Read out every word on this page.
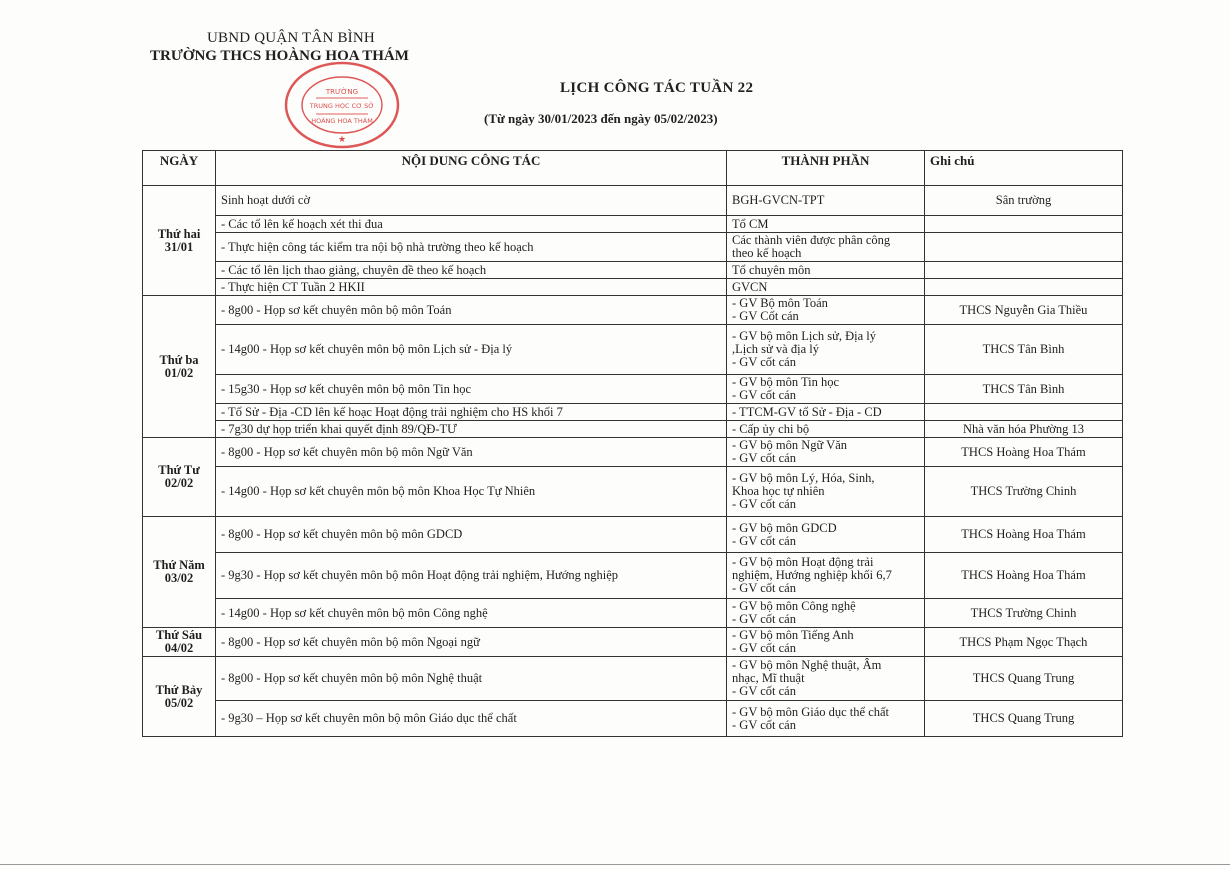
UBND QUẬN TÂN BÌNH
TRƯỜNG THCS HOÀNG HOA THÁM
TRƯỜNG
TRUNG HỌC CƠ SỞ
HOÀNG HOA THÁM
★
LỊCH CÔNG TÁC TUẦN 22
(Từ ngày 30/01/2023 đến ngày 05/02/2023)
NGÀY	NỘI DUNG CÔNG TÁC	THÀNH PHẦN	Ghi chú
Thứ hai
31/01	Sinh hoạt dưới cờ	BGH-GVCN-TPT	Sân trường
	- Các tổ lên kế hoạch xét thi đua	Tổ CM	
	- Thực hiện công tác kiểm tra nội bộ nhà trường theo kế hoạch	Các thành viên được phân công
theo kế hoạch	
	- Các tổ lên lịch thao giảng, chuyên đề theo kế hoạch	Tổ chuyên môn	
	- Thực hiện CT Tuần 2 HKII	GVCN	
Thứ ba
01/02	- 8g00 - Họp sơ kết chuyên môn bộ môn Toán	- GV Bộ môn Toán
- GV Cốt cán	THCS Nguyễn Gia Thiều
	- 14g00 - Họp sơ kết chuyên môn bộ môn Lịch sử - Địa lý	- GV bộ môn Lịch sử, Địa lý
,Lịch sử và địa lý
- GV cốt cán	THCS Tân Bình
	- 15g30 - Họp sơ kết chuyên môn bộ môn Tin học	- GV bộ môn Tin học
- GV cốt cán	THCS Tân Bình
	- Tổ Sử - Địa -CD lên kế hoạc Hoạt động trải nghiệm cho HS khối 7	- TTCM-GV tổ Sử - Địa - CD	
	- 7g30 dự họp triển khai quyết định 89/QĐ-TƯ	- Cấp ủy chi bộ	Nhà văn hóa Phường 13
Thứ Tư
02/02	- 8g00 - Họp sơ kết chuyên môn bộ môn Ngữ Văn	- GV bộ môn Ngữ Văn
- GV cốt cán	THCS Hoàng Hoa Thám
	- 14g00 - Họp sơ kết chuyên môn bộ môn Khoa Học Tự Nhiên	- GV bộ môn Lý, Hóa, Sinh,
Khoa học tự nhiên
- GV cốt cán	THCS Trường Chinh
Thứ Năm
03/02	- 8g00 - Họp sơ kết chuyên môn bộ môn GDCD	- GV bộ môn GDCD
- GV cốt cán	THCS Hoàng Hoa Thám
	- 9g30 - Họp sơ kết chuyên môn bộ môn Hoạt động trải nghiệm, Hướng nghiệp	- GV bộ môn Hoạt động trải
nghiệm, Hướng nghiệp khối 6,7
- GV cốt cán	THCS Hoàng Hoa Thám
	- 14g00 - Họp sơ kết chuyên môn bộ môn Công nghệ	- GV bộ môn Công nghệ
- GV cốt cán	THCS Trường Chinh
Thứ Sáu
04/02	- 8g00 - Họp sơ kết chuyên môn bộ môn Ngoại ngữ	- GV bộ môn Tiếng Anh
- GV cốt cán	THCS Phạm Ngọc Thạch
Thứ Bảy
05/02	- 8g00 - Họp sơ kết chuyên môn bộ môn Nghệ thuật	- GV bộ môn Nghệ thuật, Âm
nhạc, Mĩ thuật
- GV cốt cán	THCS Quang Trung
	- 9g30 – Họp sơ kết chuyên môn bộ môn Giáo dục thể chất	- GV bộ môn Giáo dục thể chất
- GV cốt cán	THCS Quang Trung
